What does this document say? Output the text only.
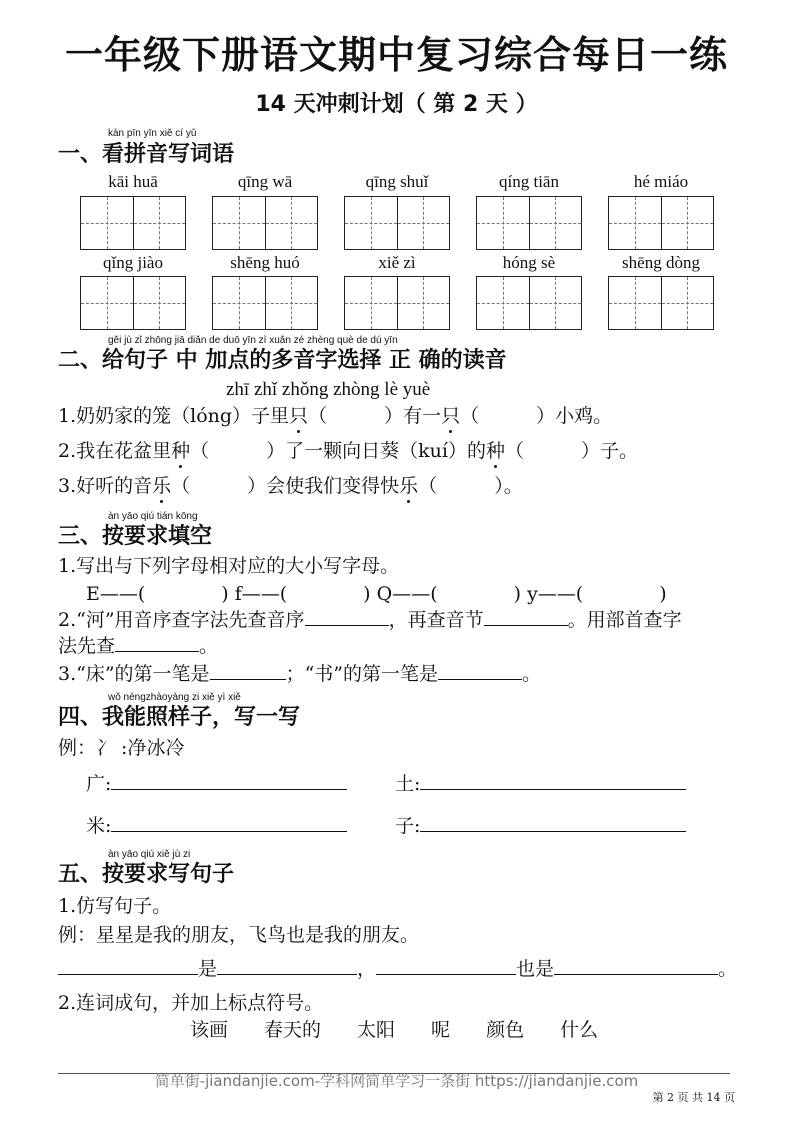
一年级下册语文期中复习综合每日一练
14 天冲刺计划（ 第 2 天 ）
kàn pīn yīn xiě cí yǔ
一、看拼音写词语
kāi huā	qīng wā	qīng shuǐ	qíng tiān	hé miáo
qǐng jiào	shēng huó	xiě zì	hóng sè	shēng dòng
gěi jù zǐ zhōng jiā diǎn de duō yīn zì xuǎn zé zhèng què de dú yīn
二、给句子 中 加点的多音字选择 正 确的读音
zhī zhǐ zhǒng zhòng lè yuè
1.奶奶家的笼（lóng）子里只（　　　）有一只（　　　）小鸡。
2.我在花盆里种（　　　）了一颗向日葵（kuí）的种（　　　）子。
3.好听的音乐（　　　）会使我们变得快乐（　　　）。
àn yāo qiú tián kōng
三、按要求填空
1.写出与下列字母相对应的大小写字母。
E——(　　　　) f——(　　　　) Q——(　　　　) y——(　　　　)
2.“河”用音序查字法先查音序	，再查音节	。用部首查字
法先查	。
3.“床”的第一笔是	；“书”的第一笔是	。
wǒ néngzhàoyàng zi xiě yì xiě
四、我能照样子，写一写
例：冫 :净冰冷
广:	土:
米:	子:
àn yāo qiú xiě jù zi
五、按要求写句子
1.仿写句子。
例：星星是我的朋友，飞鸟也是我的朋友。
是	，	也是	。
2.连词成句，并加上标点符号。
该画 春天的 太阳 呢 颜色 什么
简单街-jiandanjie.com-学科网简单学习一条街 https://jiandanjie.com
第 2 页 共 14 页
